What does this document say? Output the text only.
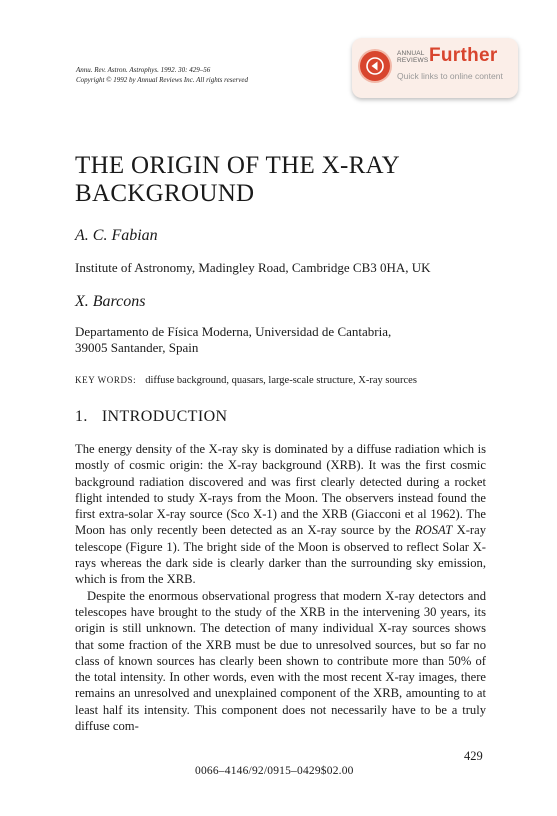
Annu. Rev. Astron. Astrophys. 1992. 30: 429–56
Copyright © 1992 by Annual Reviews Inc. All rights reserved
ANNUAL
REVIEWS Further
Quick links to online content
THE ORIGIN OF THE X-RAY BACKGROUND
A. C. Fabian
Institute of Astronomy, Madingley Road, Cambridge CB3 0HA, UK
X. Barcons
Departamento de Física Moderna, Universidad de Cantabria,
39005 Santander, Spain
KEY WORDS: diffuse background, quasars, large-scale structure, X-ray sources
1. INTRODUCTION

The energy density of the X-ray sky is dominated by a diffuse radiation which is mostly of cosmic origin: the X-ray background (XRB). It was the first cosmic background radiation discovered and was first clearly detected during a rocket flight intended to study X-rays from the Moon. The observers instead found the first extra-solar X-ray source (Sco X-1) and the XRB (Giacconi et al 1962). The Moon has only recently been detected as an X-ray source by the ROSAT X-ray telescope (Figure 1). The bright side of the Moon is observed to reflect Solar X-rays whereas the dark side is clearly darker than the surrounding sky emission, which is from the XRB.

Despite the enormous observational progress that modern X-ray detectors and telescopes have brought to the study of the XRB in the intervening 30 years, its origin is still unknown. The detection of many individual X-ray sources shows that some fraction of the XRB must be due to unresolved sources, but so far no class of known sources has clearly been shown to contribute more than 50% of the total intensity. In other words, even with the most recent X-ray images, there remains an unresolved and unexplained component of the XRB, amounting to at least half its intensity. This component does not necessarily have to be a truly diffuse com-

429
0066–4146/92/0915–0429$02.00
